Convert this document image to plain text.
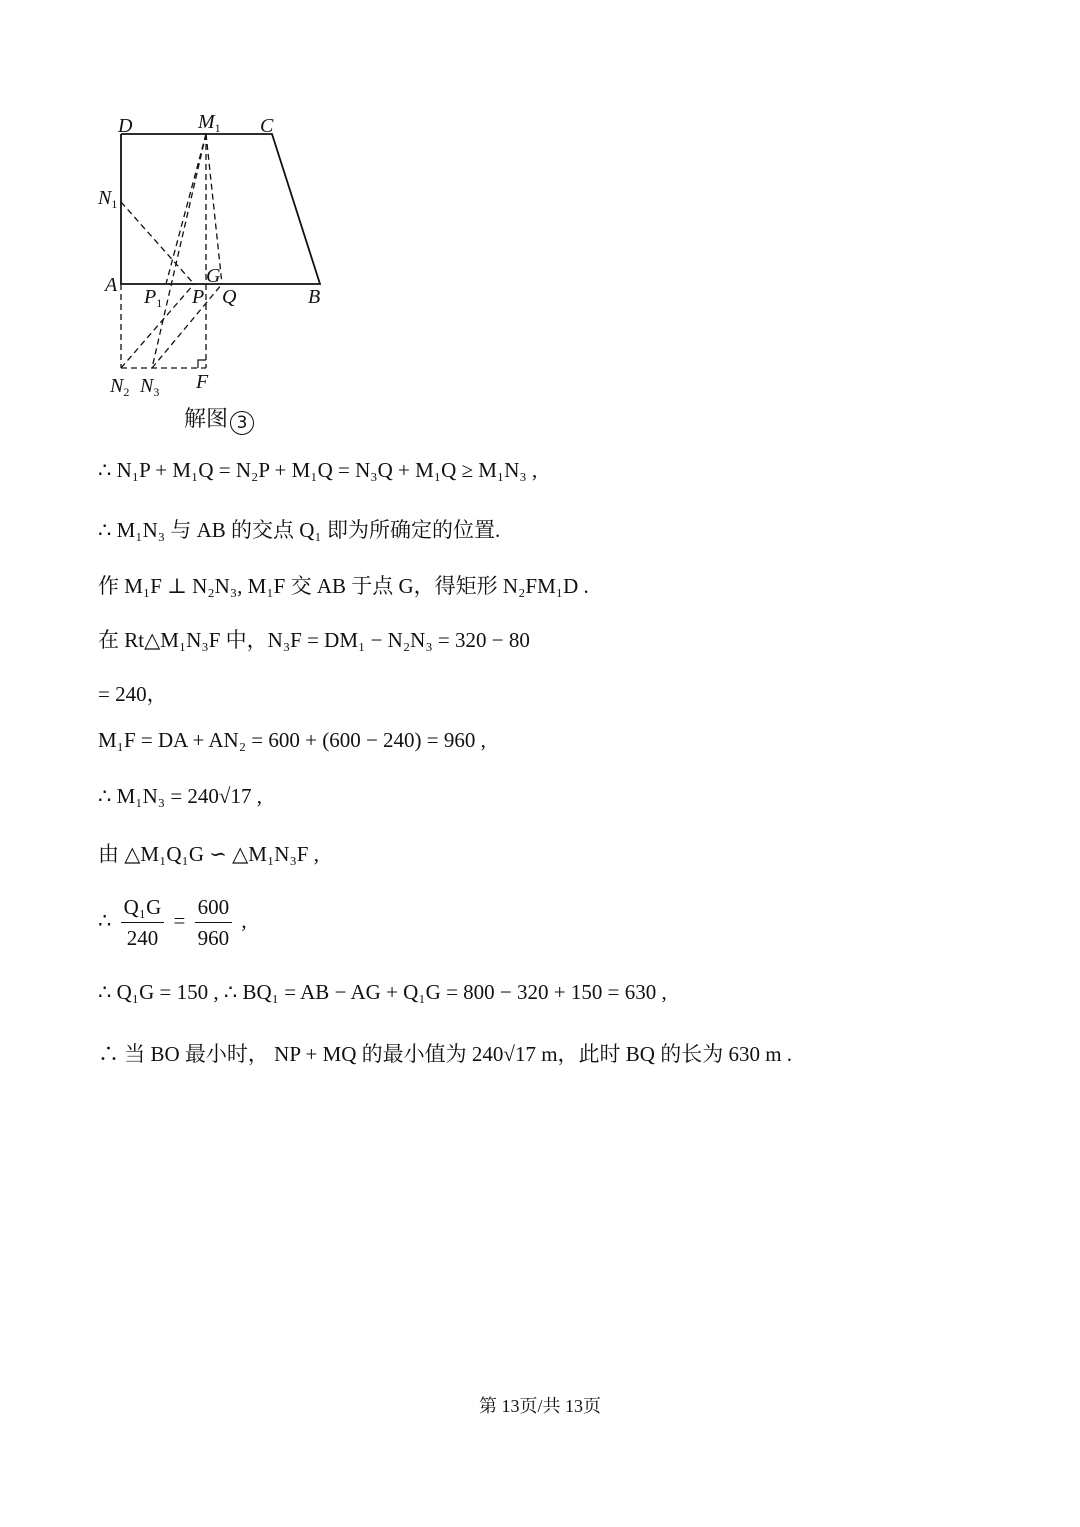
D	$M_1$ C
$N_1$
G
A
$P_1$ P Q	B
$N_2$ $N_3$ F
解图 3
∴ N₁P + M₁Q = N₂P + M₁Q = N₃Q + M₁Q ≥ M₁N₃ ,
∴ M₁N₃ 与 AB 的交点 Q₁ 即为所确定的位置.
作 M₁F ⊥ N₂N₃, M₁F 交 AB 于点 G，得矩形 N₂FM₁D .
在 Rt△M₁N₃F 中，N₃F = DM₁ − N₂N₃ = 320 − 80
= 240，
M₁F = DA + AN₂ = 600 + (600 − 240) = 960 ,
∴ M₁N₃ = 240√17 ,
由 △M₁Q₁G ∽ △M₁N₃F ,
∴ $\frac{\text{Q₁G}}{240} = \frac{600}{960}$ ,
∴ Q₁G = 150 , ∴ BQ₁ = AB − AG + Q₁G = 800 − 320 + 150 = 630 ,
∴ 当 BO 最小时， NP + MQ 的最小值为 240√17 m，此时 BQ 的长为 630 m .
第 13页/共 13页
